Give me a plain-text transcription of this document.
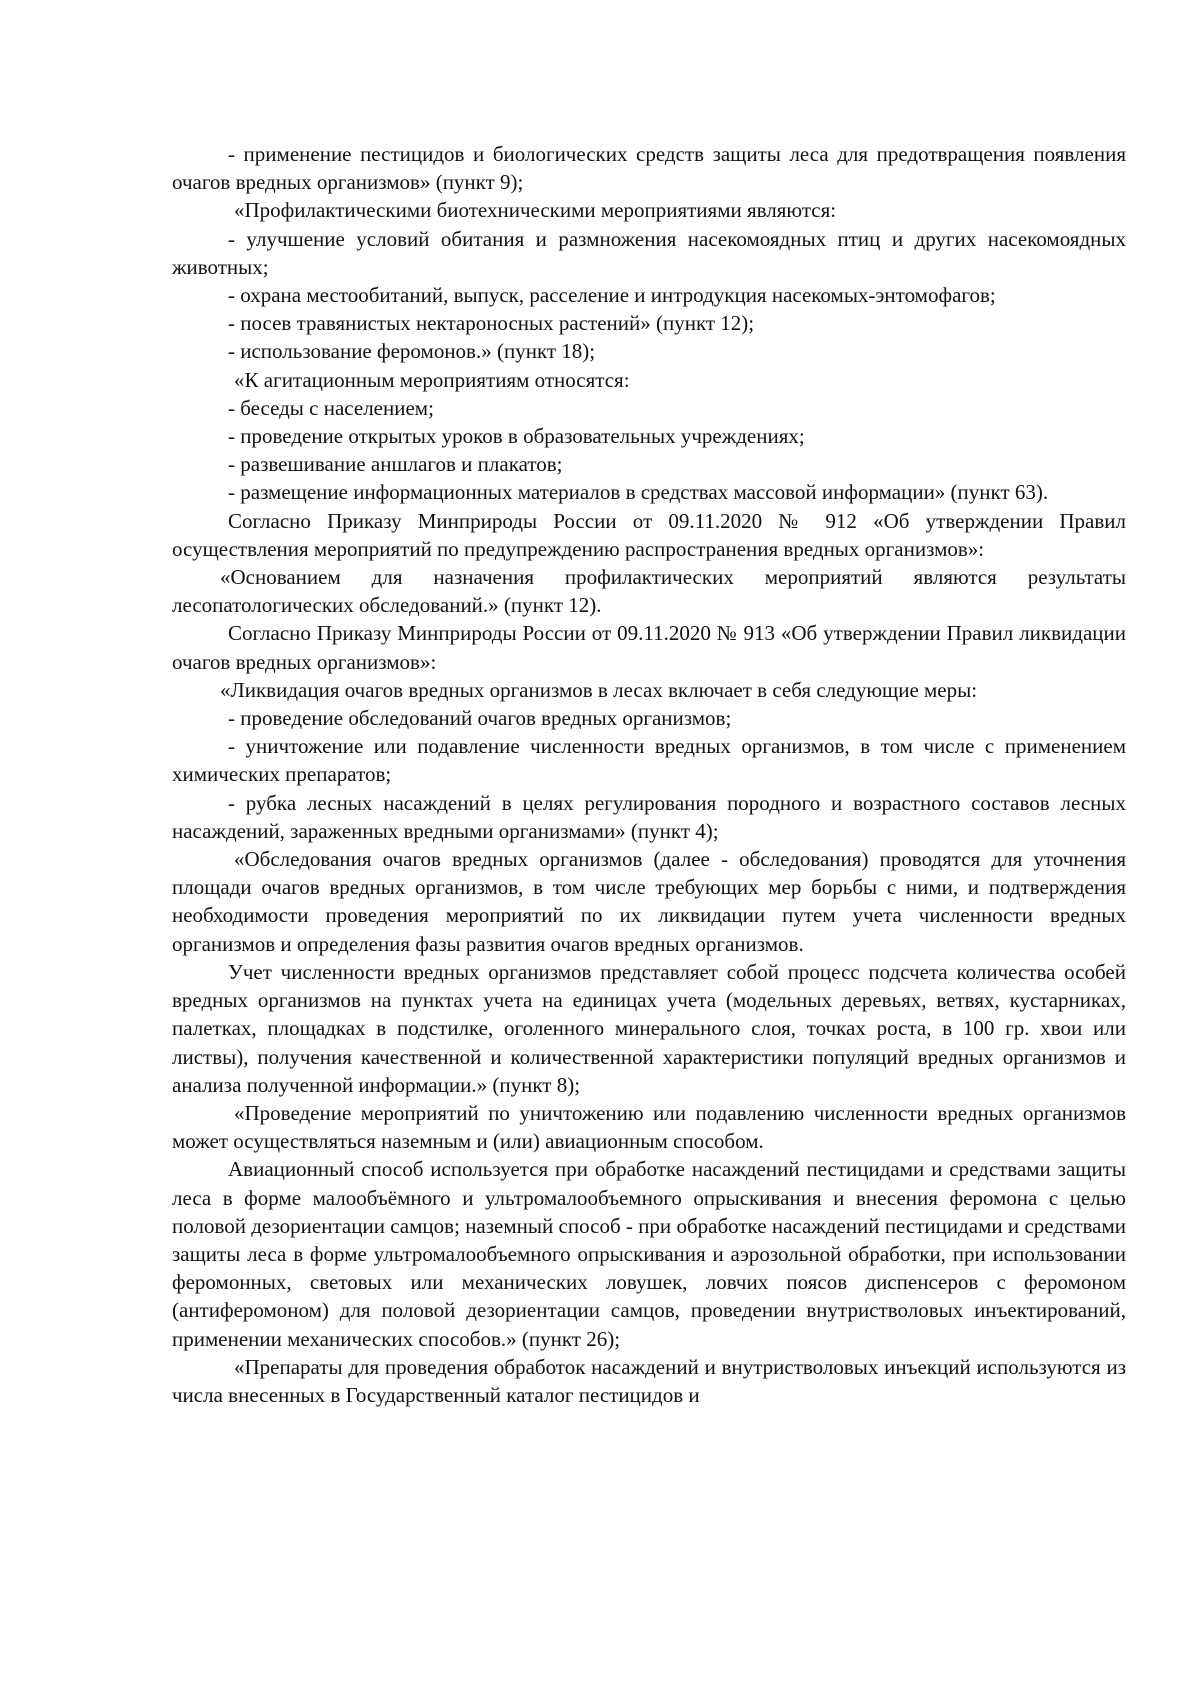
- применение пестицидов и биологических средств защиты леса для предотвращения появления очагов вредных организмов» (пункт 9);

«Профилактическими биотехническими мероприятиями являются:

- улучшение условий обитания и размножения насекомоядных птиц и других насекомоядных животных;

- охрана местообитаний, выпуск, расселение и интродукция насекомых-энтомофагов;

- посев травянистых нектароносных растений» (пункт 12);

- использование феромонов.» (пункт 18);

«К агитационным мероприятиям относятся:

- беседы с населением;

- проведение открытых уроков в образовательных учреждениях;

- развешивание аншлагов и плакатов;

- размещение информационных материалов в средствах массовой информации» (пункт 63).

Согласно Приказу Минприроды России от 09.11.2020 № 912 «Об утверждении Правил осуществления мероприятий по предупреждению распространения вредных организмов»:

«Основанием для назначения профилактических мероприятий являются результаты лесопатологических обследований.» (пункт 12).

Согласно Приказу Минприроды России от 09.11.2020 № 913 «Об утверждении Правил ликвидации очагов вредных организмов»:

«Ликвидация очагов вредных организмов в лесах включает в себя следующие меры:

- проведение обследований очагов вредных организмов;

- уничтожение или подавление численности вредных организмов, в том числе с применением химических препаратов;

- рубка лесных насаждений в целях регулирования породного и возрастного составов лесных насаждений, зараженных вредными организмами» (пункт 4);

«Обследования очагов вредных организмов (далее - обследования) проводятся для уточнения площади очагов вредных организмов, в том числе требующих мер борьбы с ними, и подтверждения необходимости проведения мероприятий по их ликвидации путем учета численности вредных организмов и определения фазы развития очагов вредных организмов.

Учет численности вредных организмов представляет собой процесс подсчета количества особей вредных организмов на пунктах учета на единицах учета (модельных деревьях, ветвях, кустарниках, палетках, площадках в подстилке, оголенного минерального слоя, точках роста, в 100 гр. хвои или листвы), получения качественной и количественной характеристики популяций вредных организмов и анализа полученной информации.» (пункт 8);

«Проведение мероприятий по уничтожению или подавлению численности вредных организмов может осуществляться наземным и (или) авиационным способом.

Авиационный способ используется при обработке насаждений пестицидами и средствами защиты леса в форме малообъёмного и ультромалообъемного опрыскивания и внесения феромона с целью половой дезориентации самцов; наземный способ - при обработке насаждений пестицидами и средствами защиты леса в форме ультромалообъемного опрыскивания и аэрозольной обработки, при использовании феромонных, световых или механических ловушек, ловчих поясов диспенсеров с феромоном (антиферомоном) для половой дезориентации самцов, проведении внутристволовых инъектирований, применении механических способов.» (пункт 26);

«Препараты для проведения обработок насаждений и внутристволовых инъекций используются из числа внесенных в Государственный каталог пестицидов и
